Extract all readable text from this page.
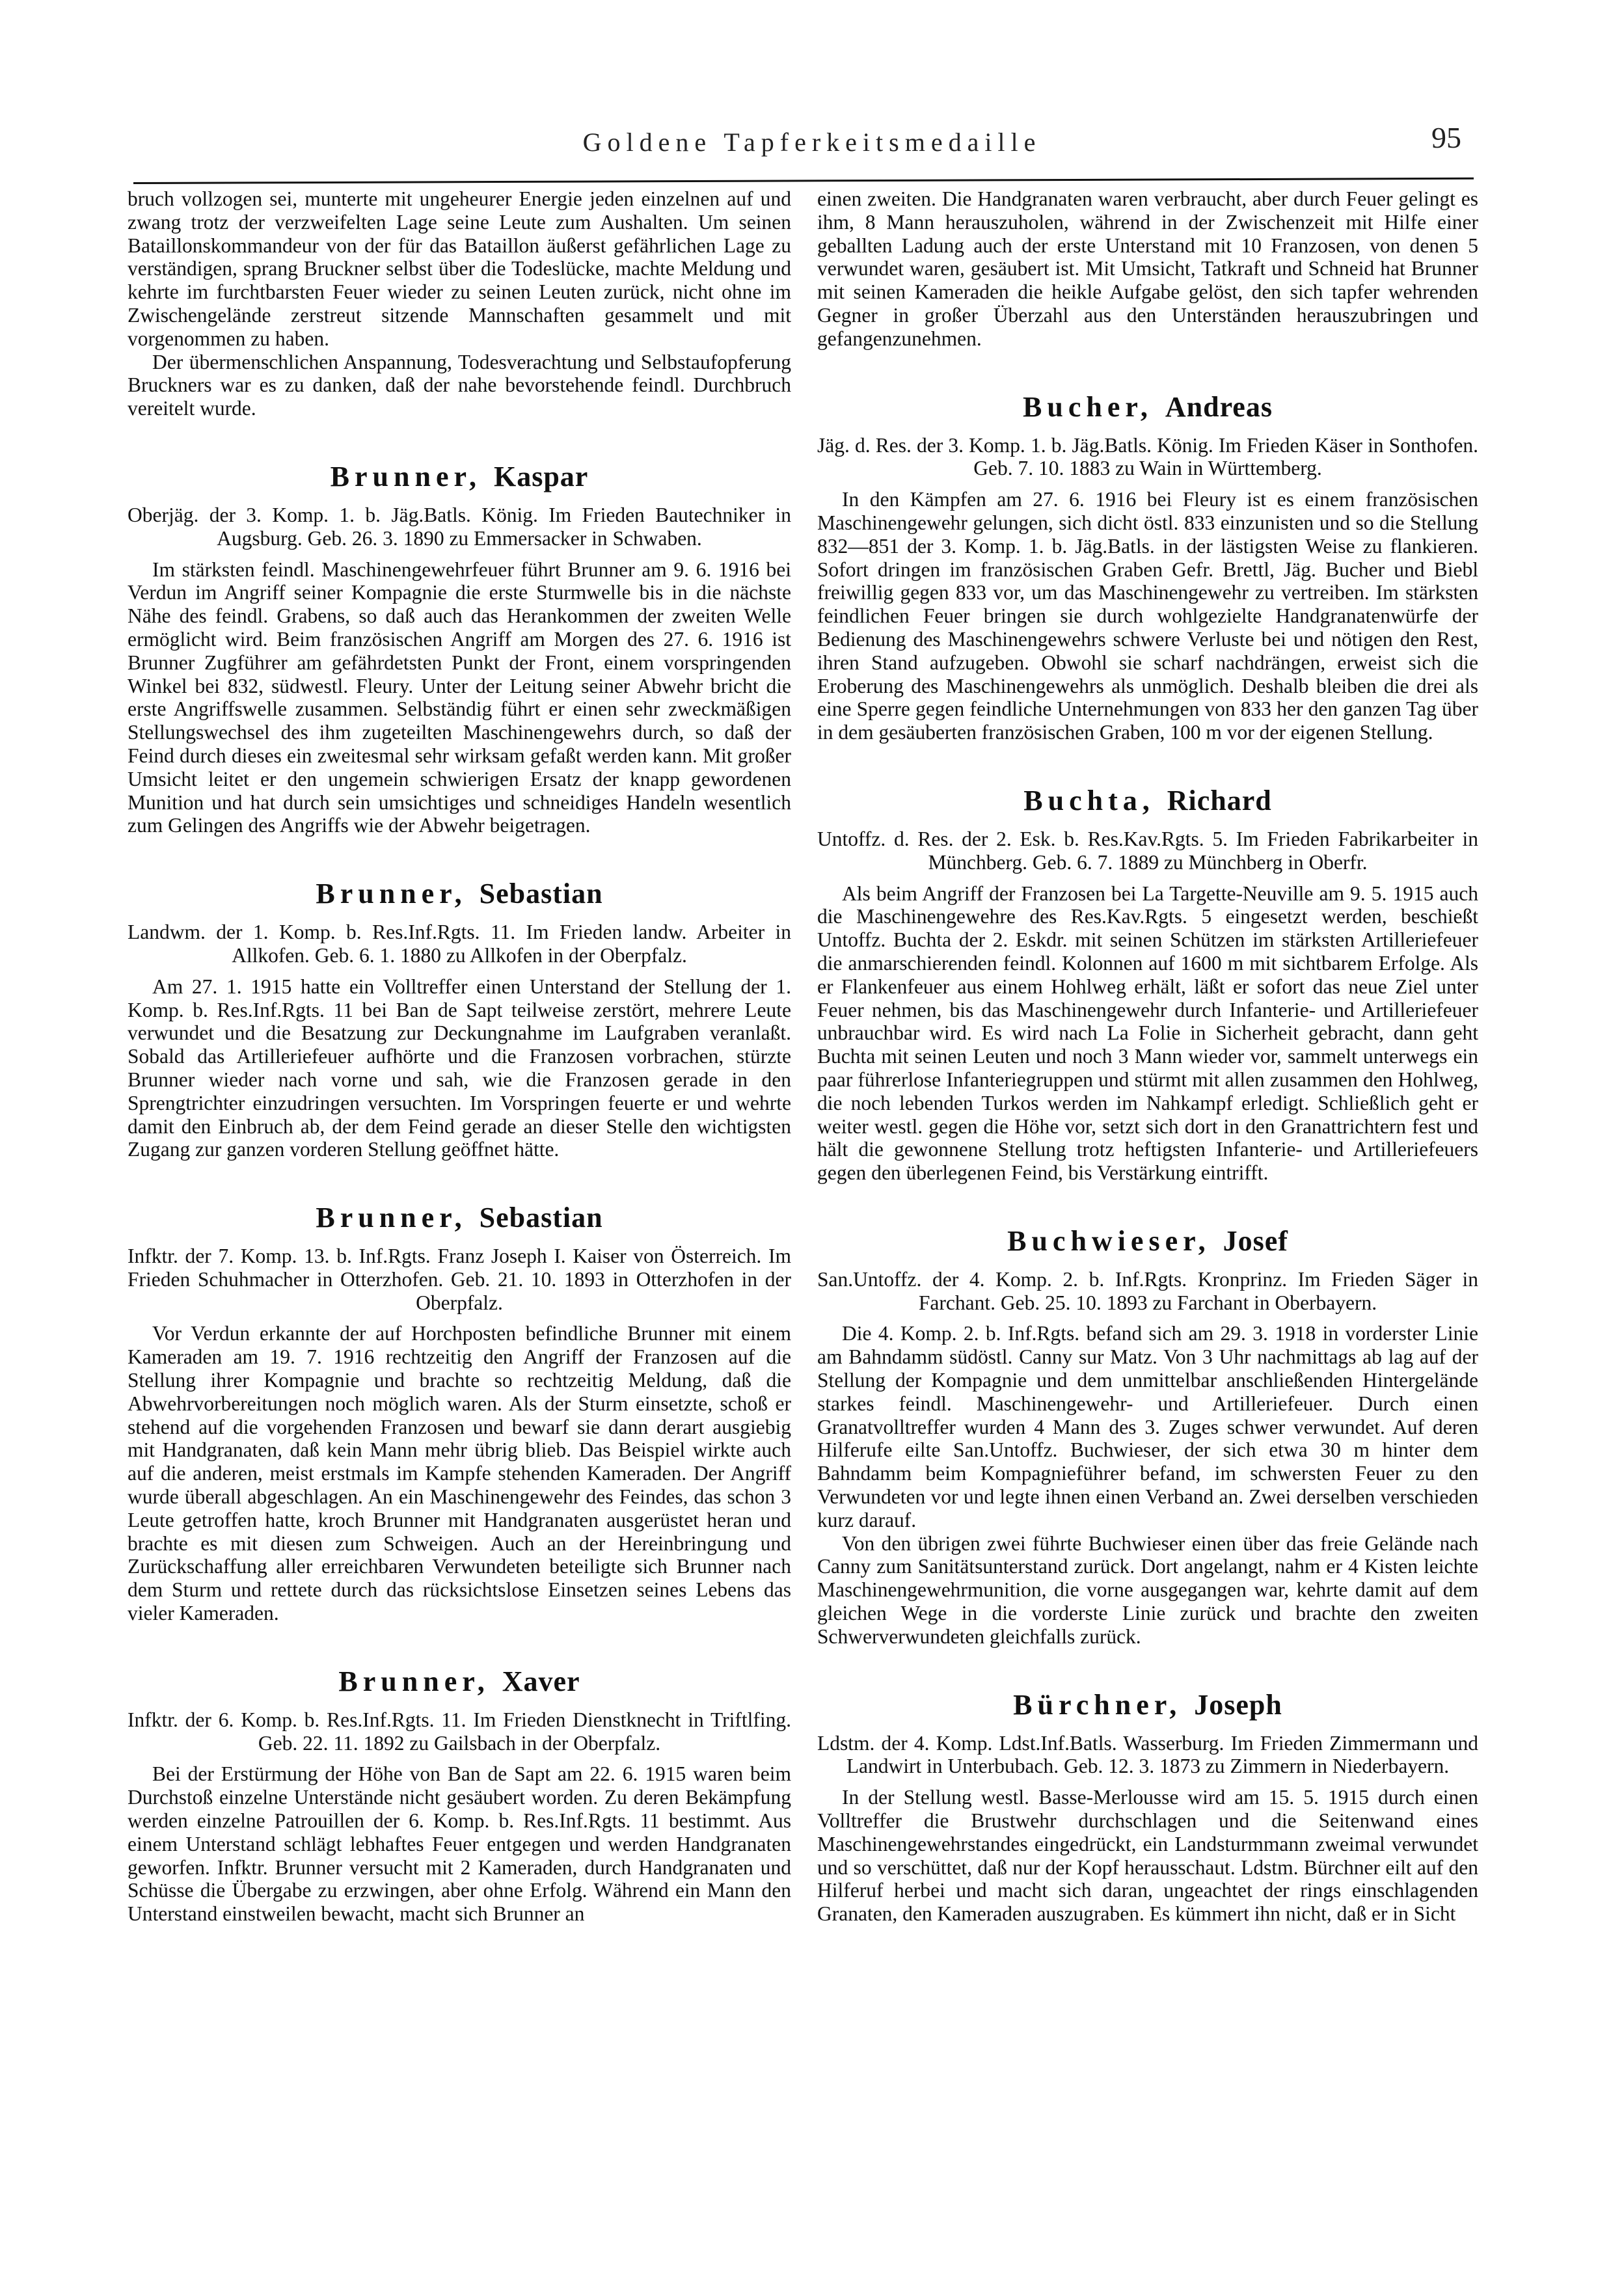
Goldene Tapferkeitsmedaille	95

bruch vollzogen sei, munterte mit ungeheurer Energie jeden einzelnen auf und zwang trotz der verzweifelten Lage seine Leute zum Aushalten. Um seinen Bataillonskommandeur von der für das Bataillon äußerst gefährlichen Lage zu verständigen, sprang Bruckner selbst über die Todeslücke, machte Meldung und kehrte im furchtbarsten Feuer wieder zu seinen Leuten zurück, nicht ohne im Zwischengelände zerstreut sitzende Mannschaften gesammelt und mit vorgenommen zu haben.

Der übermenschlichen Anspannung, Todesverachtung und Selbstaufopferung Bruckners war es zu danken, daß der nahe bevorstehende feindl. Durchbruch vereitelt wurde.

Brunner, Kaspar

Oberjäg. der 3. Komp. 1. b. Jäg.Batls. König. Im Frieden Bautechniker in Augsburg. Geb. 26. 3. 1890 zu Emmersacker in Schwaben.

Im stärksten feindl. Maschinengewehrfeuer führt Brunner am 9. 6. 1916 bei Verdun im Angriff seiner Kompagnie die erste Sturmwelle bis in die nächste Nähe des feindl. Grabens, so daß auch das Herankommen der zweiten Welle ermöglicht wird. Beim französischen Angriff am Morgen des 27. 6. 1916 ist Brunner Zugführer am gefährdetsten Punkt der Front, einem vorspringenden Winkel bei 832, südwestl. Fleury. Unter der Leitung seiner Abwehr bricht die erste Angriffswelle zusammen. Selbständig führt er einen sehr zweckmäßigen Stellungswechsel des ihm zugeteilten Maschinengewehrs durch, so daß der Feind durch dieses ein zweitesmal sehr wirksam gefaßt werden kann. Mit großer Umsicht leitet er den ungemein schwierigen Ersatz der knapp gewordenen Munition und hat durch sein umsichtiges und schneidiges Handeln wesentlich zum Gelingen des Angriffs wie der Abwehr beigetragen.

Brunner, Sebastian

Landwm. der 1. Komp. b. Res.Inf.Rgts. 11. Im Frieden landw. Arbeiter in Allkofen. Geb. 6. 1. 1880 zu Allkofen in der Oberpfalz.

Am 27. 1. 1915 hatte ein Volltreffer einen Unterstand der Stellung der 1. Komp. b. Res.Inf.Rgts. 11 bei Ban de Sapt teilweise zerstört, mehrere Leute verwundet und die Besatzung zur Deckungnahme im Laufgraben veranlaßt. Sobald das Artilleriefeuer aufhörte und die Franzosen vorbrachen, stürzte Brunner wieder nach vorne und sah, wie die Franzosen gerade in den Sprengtrichter einzudringen versuchten. Im Vorspringen feuerte er und wehrte damit den Einbruch ab, der dem Feind gerade an dieser Stelle den wichtigsten Zugang zur ganzen vorderen Stellung geöffnet hätte.

Brunner, Sebastian

Infktr. der 7. Komp. 13. b. Inf.Rgts. Franz Joseph I. Kaiser von Österreich. Im Frieden Schuhmacher in Otterzhofen. Geb. 21. 10. 1893 in Otterzhofen in der Oberpfalz.

Vor Verdun erkannte der auf Horchposten befindliche Brunner mit einem Kameraden am 19. 7. 1916 rechtzeitig den Angriff der Franzosen auf die Stellung ihrer Kompagnie und brachte so rechtzeitig Meldung, daß die Abwehrvorbereitungen noch möglich waren. Als der Sturm einsetzte, schoß er stehend auf die vorgehenden Franzosen und bewarf sie dann derart ausgiebig mit Handgranaten, daß kein Mann mehr übrig blieb. Das Beispiel wirkte auch auf die anderen, meist erstmals im Kampfe stehenden Kameraden. Der Angriff wurde überall abgeschlagen. An ein Maschinengewehr des Feindes, das schon 3 Leute getroffen hatte, kroch Brunner mit Handgranaten ausgerüstet heran und brachte es mit diesen zum Schweigen. Auch an der Hereinbringung und Zurückschaffung aller erreichbaren Verwundeten beteiligte sich Brunner nach dem Sturm und rettete durch das rücksichtslose Einsetzen seines Lebens das vieler Kameraden.

Brunner, Xaver

Infktr. der 6. Komp. b. Res.Inf.Rgts. 11. Im Frieden Dienstknecht in Triftlfing. Geb. 22. 11. 1892 zu Gailsbach in der Oberpfalz.

Bei der Erstürmung der Höhe von Ban de Sapt am 22. 6. 1915 waren beim Durchstoß einzelne Unterstände nicht gesäubert worden. Zu deren Bekämpfung werden einzelne Patrouillen der 6. Komp. b. Res.Inf.Rgts. 11 bestimmt. Aus einem Unterstand schlägt lebhaftes Feuer entgegen und werden Handgranaten geworfen. Infktr. Brunner versucht mit 2 Kameraden, durch Handgranaten und Schüsse die Übergabe zu erzwingen, aber ohne Erfolg. Während ein Mann den Unterstand einstweilen bewacht, macht sich Brunner an

einen zweiten. Die Handgranaten waren verbraucht, aber durch Feuer gelingt es ihm, 8 Mann herauszuholen, während in der Zwischenzeit mit Hilfe einer geballten Ladung auch der erste Unterstand mit 10 Franzosen, von denen 5 verwundet waren, gesäubert ist. Mit Umsicht, Tatkraft und Schneid hat Brunner mit seinen Kameraden die heikle Aufgabe gelöst, den sich tapfer wehrenden Gegner in großer Überzahl aus den Unterständen herauszubringen und gefangenzunehmen.

Bucher, Andreas

Jäg. d. Res. der 3. Komp. 1. b. Jäg.Batls. König. Im Frieden Käser in Sonthofen. Geb. 7. 10. 1883 zu Wain in Württemberg.

In den Kämpfen am 27. 6. 1916 bei Fleury ist es einem französischen Maschinengewehr gelungen, sich dicht östl. 833 einzunisten und so die Stellung 832—851 der 3. Komp. 1. b. Jäg.Batls. in der lästigsten Weise zu flankieren. Sofort dringen im französischen Graben Gefr. Brettl, Jäg. Bucher und Biebl freiwillig gegen 833 vor, um das Maschinengewehr zu vertreiben. Im stärksten feindlichen Feuer bringen sie durch wohlgezielte Handgranatenwürfe der Bedienung des Maschinengewehrs schwere Verluste bei und nötigen den Rest, ihren Stand aufzugeben. Obwohl sie scharf nachdrängen, erweist sich die Eroberung des Maschinengewehrs als unmöglich. Deshalb bleiben die drei als eine Sperre gegen feindliche Unternehmungen von 833 her den ganzen Tag über in dem gesäuberten französischen Graben, 100 m vor der eigenen Stellung.

Buchta, Richard

Untoffz. d. Res. der 2. Esk. b. Res.Kav.Rgts. 5. Im Frieden Fabrikarbeiter in Münchberg. Geb. 6. 7. 1889 zu Münchberg in Oberfr.

Als beim Angriff der Franzosen bei La Targette-Neuville am 9. 5. 1915 auch die Maschinengewehre des Res.Kav.Rgts. 5 eingesetzt werden, beschießt Untoffz. Buchta der 2. Eskdr. mit seinen Schützen im stärksten Artilleriefeuer die anmarschierenden feindl. Kolonnen auf 1600 m mit sichtbarem Erfolge. Als er Flankenfeuer aus einem Hohlweg erhält, läßt er sofort das neue Ziel unter Feuer nehmen, bis das Maschinengewehr durch Infanterie- und Artilleriefeuer unbrauchbar wird. Es wird nach La Folie in Sicherheit gebracht, dann geht Buchta mit seinen Leuten und noch 3 Mann wieder vor, sammelt unterwegs ein paar führerlose Infanteriegruppen und stürmt mit allen zusammen den Hohlweg, die noch lebenden Turkos werden im Nahkampf erledigt. Schließlich geht er weiter westl. gegen die Höhe vor, setzt sich dort in den Granattrichtern fest und hält die gewonnene Stellung trotz heftigsten Infanterie- und Artilleriefeuers gegen den überlegenen Feind, bis Verstärkung eintrifft.

Buchwieser, Josef

San.Untoffz. der 4. Komp. 2. b. Inf.Rgts. Kronprinz. Im Frieden Säger in Farchant. Geb. 25. 10. 1893 zu Farchant in Oberbayern.

Die 4. Komp. 2. b. Inf.Rgts. befand sich am 29. 3. 1918 in vorderster Linie am Bahndamm südöstl. Canny sur Matz. Von 3 Uhr nachmittags ab lag auf der Stellung der Kompagnie und dem unmittelbar anschließenden Hintergelände starkes feindl. Maschinengewehr- und Artilleriefeuer. Durch einen Granatvolltreffer wurden 4 Mann des 3. Zuges schwer verwundet. Auf deren Hilferufe eilte San.Untoffz. Buchwieser, der sich etwa 30 m hinter dem Bahndamm beim Kompagnieführer befand, im schwersten Feuer zu den Verwundeten vor und legte ihnen einen Verband an. Zwei derselben verschieden kurz darauf.

Von den übrigen zwei führte Buchwieser einen über das freie Gelände nach Canny zum Sanitätsunterstand zurück. Dort angelangt, nahm er 4 Kisten leichte Maschinengewehrmunition, die vorne ausgegangen war, kehrte damit auf dem gleichen Wege in die vorderste Linie zurück und brachte den zweiten Schwerverwundeten gleichfalls zurück.

Bürchner, Joseph

Ldstm. der 4. Komp. Ldst.Inf.Batls. Wasserburg. Im Frieden Zimmermann und Landwirt in Unterbubach. Geb. 12. 3. 1873 zu Zimmern in Niederbayern.

In der Stellung westl. Basse-Merlousse wird am 15. 5. 1915 durch einen Volltreffer die Brustwehr durchschlagen und die Seitenwand eines Maschinengewehrstandes eingedrückt, ein Landsturmmann zweimal verwundet und so verschüttet, daß nur der Kopf herausschaut. Ldstm. Bürchner eilt auf den Hilferuf herbei und macht sich daran, ungeachtet der rings einschlagenden Granaten, den Kameraden auszugraben. Es kümmert ihn nicht, daß er in Sicht
